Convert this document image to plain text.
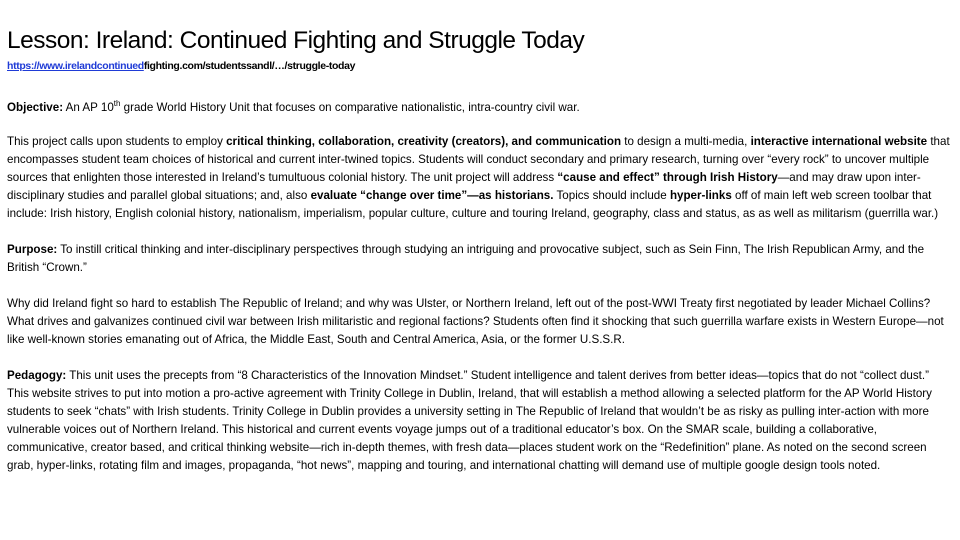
Lesson: Ireland: Continued Fighting and Struggle Today
https://www.irelandcontinuedfighting.com/studentssandl/…/struggle-today

Objective: An AP 10th grade World History Unit that focuses on comparative nationalistic, intra-country civil war.

This project calls upon students to employ critical thinking, collaboration, creativity (creators), and communication to design a multi-media, interactive international website that encompasses student team choices of historical and current inter-twined topics. Students will conduct secondary and primary research, turning over “every rock” to uncover multiple sources that enlighten those interested in Ireland’s tumultuous colonial history. The unit project will address “cause and effect” through Irish History—and may draw upon inter-disciplinary studies and parallel global situations; and, also evaluate “change over time”—as historians. Topics should include hyper-links off of main left web screen toolbar that include: Irish history, English colonial history, nationalism, imperialism, popular culture, culture and touring Ireland, geography, class and status, as as well as militarism (guerrilla war.)

Purpose: To instill critical thinking and inter-disciplinary perspectives through studying an intriguing and provocative subject, such as Sein Finn, The Irish Republican Army, and the British “Crown.”

Why did Ireland fight so hard to establish The Republic of Ireland; and why was Ulster, or Northern Ireland, left out of the post-WWI Treaty first negotiated by leader Michael Collins? What drives and galvanizes continued civil war between Irish militaristic and regional factions? Students often find it shocking that such guerrilla warfare exists in Western Europe—not like well-known stories emanating out of Africa, the Middle East, South and Central America, Asia, or the former U.S.S.R.

Pedagogy: This unit uses the precepts from “8 Characteristics of the Innovation Mindset.” Student intelligence and talent derives from better ideas—topics that do not “collect dust.” This website strives to put into motion a pro-active agreement with Trinity College in Dublin, Ireland, that will establish a method allowing a selected platform for the AP World History students to seek “chats” with Irish students. Trinity College in Dublin provides a university setting in The Republic of Ireland that wouldn’t be as risky as pulling inter-action with more vulnerable voices out of Northern Ireland. This historical and current events voyage jumps out of a traditional educator’s box. On the SMAR scale, building a collaborative, communicative, creator based, and critical thinking website—rich in-depth themes, with fresh data—places student work on the “Redefinition” plane. As noted on the second screen grab, hyper-links, rotating film and images, propaganda, “hot news”, mapping and touring, and international chatting will demand use of multiple google design tools noted.
